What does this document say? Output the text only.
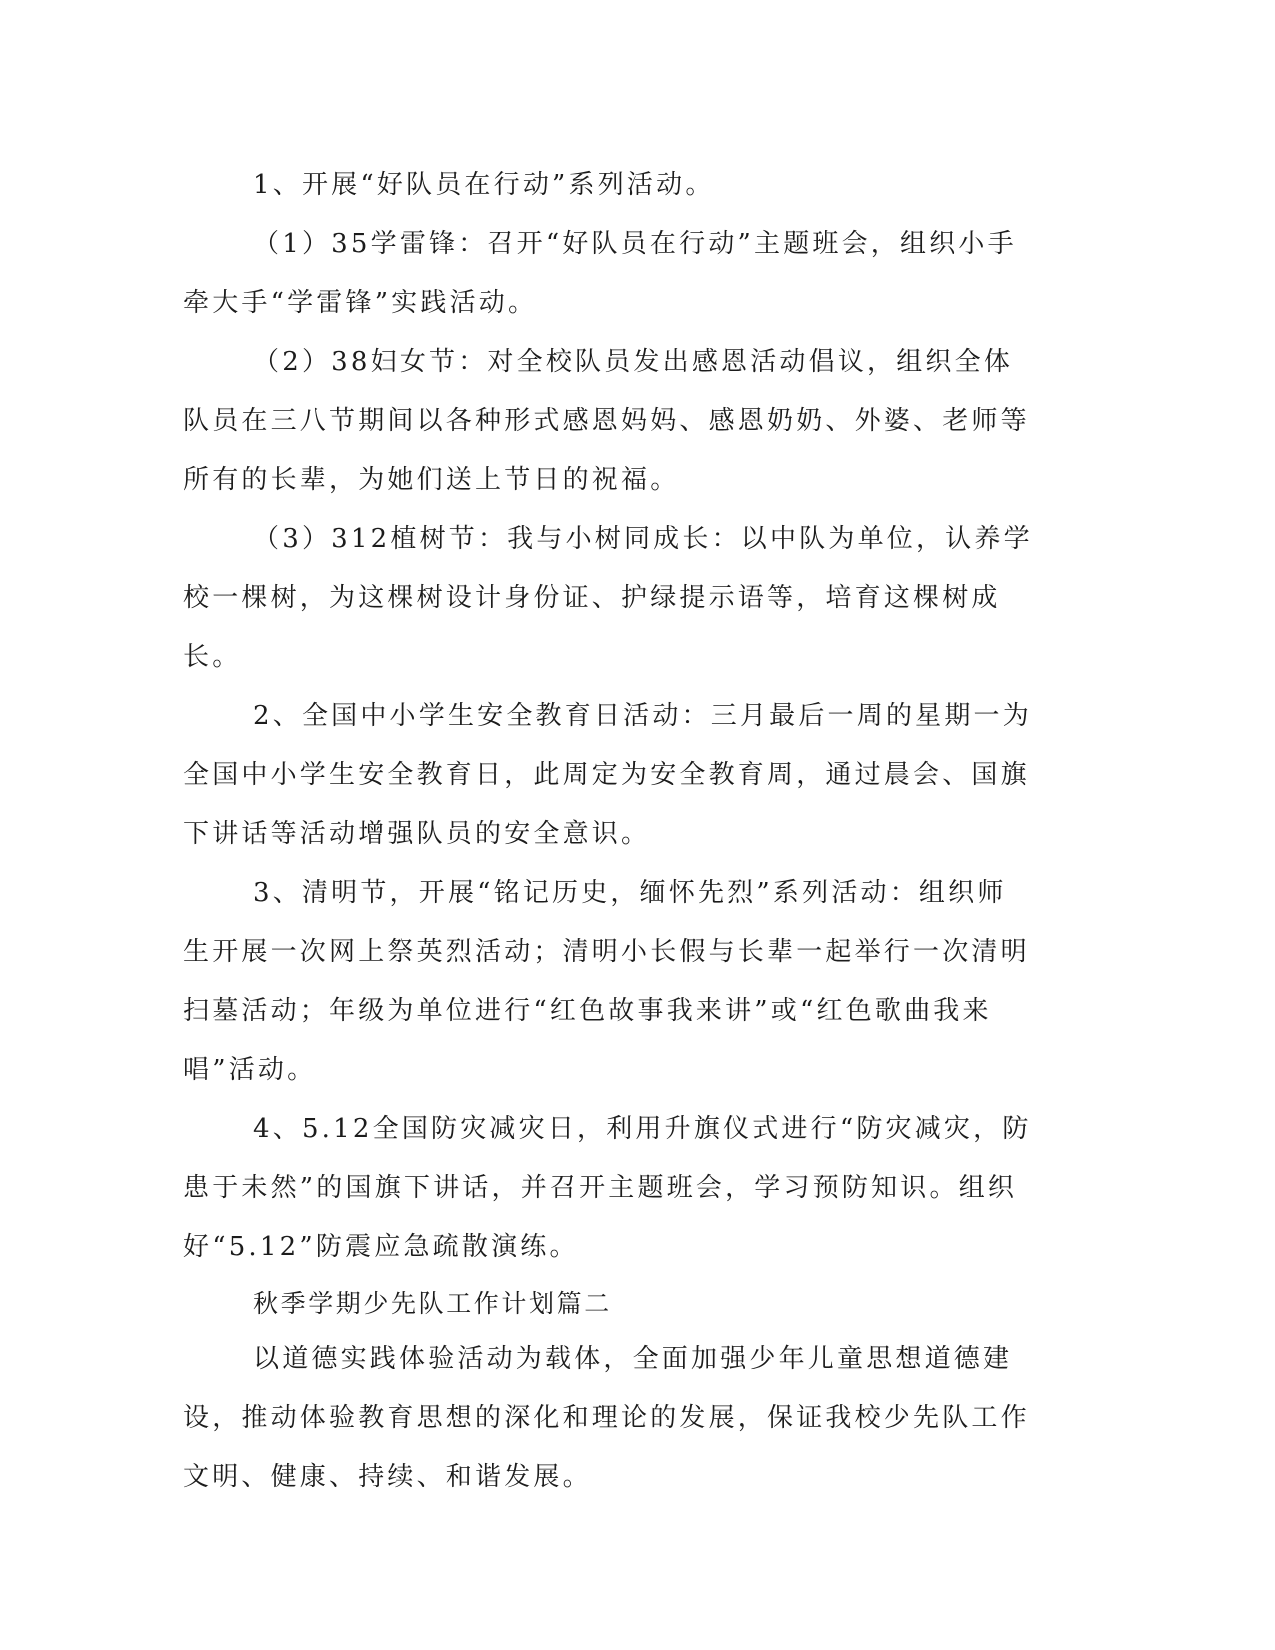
1、开展“好队员在行动”系列活动。

（1）35学雷锋：召开“好队员在行动”主题班会，组织小手牵大手“学雷锋”实践活动。

（2）38妇女节：对全校队员发出感恩活动倡议，组织全体队员在三八节期间以各种形式感恩妈妈、感恩奶奶、外婆、老师等所有的长辈，为她们送上节日的祝福。

（3）312植树节：我与小树同成长：以中队为单位，认养学校一棵树，为这棵树设计身份证、护绿提示语等，培育这棵树成长。

2、全国中小学生安全教育日活动：三月最后一周的星期一为全国中小学生安全教育日，此周定为安全教育周，通过晨会、国旗下讲话等活动增强队员的安全意识。

3、清明节，开展“铭记历史，缅怀先烈”系列活动：组织师生开展一次网上祭英烈活动；清明小长假与长辈一起举行一次清明扫墓活动；年级为单位进行“红色故事我来讲”或“红色歌曲我来唱”活动。

4、5.12全国防灾减灾日，利用升旗仪式进行“防灾减灾，防患于未然”的国旗下讲话，并召开主题班会，学习预防知识。组织好“5.12”防震应急疏散演练。

秋季学期少先队工作计划篇二

以道德实践体验活动为载体，全面加强少年儿童思想道德建设，推动体验教育思想的深化和理论的发展，保证我校少先队工作文明、健康、持续、和谐发展。
